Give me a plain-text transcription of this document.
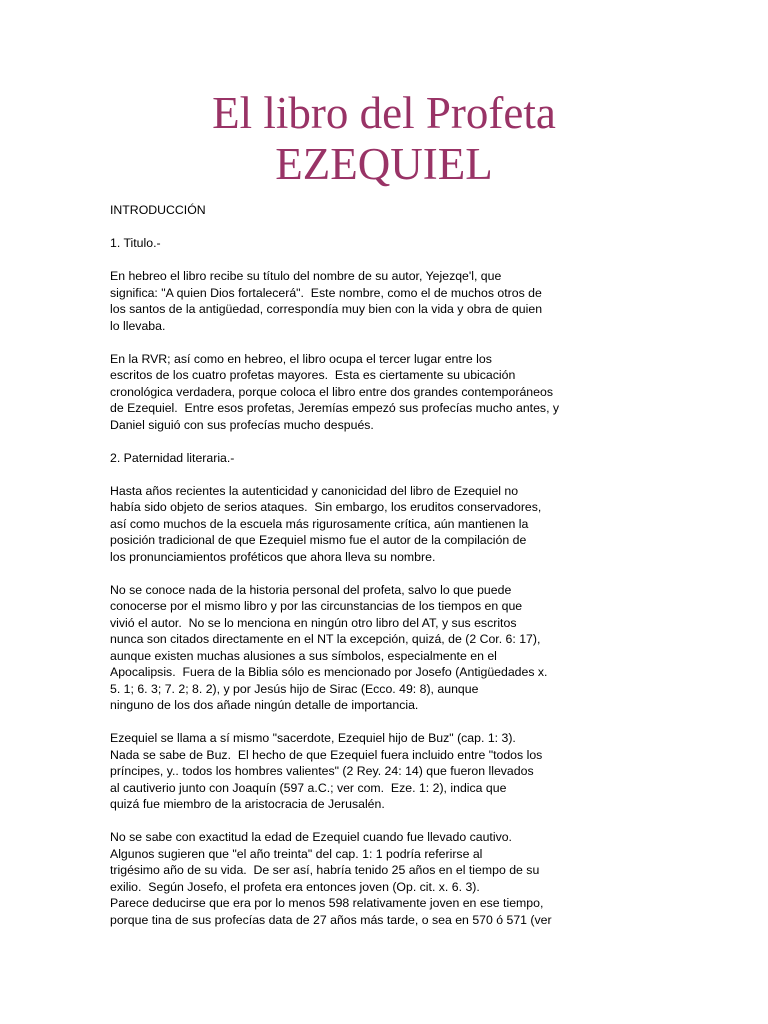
El libro del Profeta
EZEQUIEL

INTRODUCCIÓN

1. Titulo.-

En hebreo el libro recibe su título del nombre de su autor, Yejezqe'l, que
significa: "A quien Dios fortalecerá".  Este nombre, como el de muchos otros de
los santos de la antigüedad, correspondía muy bien con la vida y obra de quien
lo llevaba.

En la RVR; así como en hebreo, el libro ocupa el tercer lugar entre los
escritos de los cuatro profetas mayores.  Esta es ciertamente su ubicación
cronológica verdadera, porque coloca el libro entre dos grandes contemporáneos
de Ezequiel.  Entre esos profetas, Jeremías empezó sus profecías mucho antes, y
Daniel siguió con sus profecías mucho después.

2. Paternidad literaria.-

Hasta años recientes la autenticidad y canonicidad del libro de Ezequiel no
había sido objeto de serios ataques.  Sin embargo, los eruditos conservadores,
así como muchos de la escuela más rigurosamente crítica, aún mantienen la
posición tradicional de que Ezequiel mismo fue el autor de la compilación de
los pronunciamientos proféticos que ahora lleva su nombre.

No se conoce nada de la historia personal del profeta, salvo lo que puede
conocerse por el mismo libro y por las circunstancias de los tiempos en que
vivió el autor.  No se lo menciona en ningún otro libro del AT, y sus escritos
nunca son citados directamente en el NT la excepción, quizá, de (2 Cor. 6: 17),
aunque existen muchas alusiones a sus símbolos, especialmente en el
Apocalipsis.  Fuera de la Biblia sólo es mencionado por Josefo (Antigüedades x.
5. 1; 6. 3; 7. 2; 8. 2), y por Jesús hijo de Sirac (Ecco. 49: 8), aunque
ninguno de los dos añade ningún detalle de importancia.

Ezequiel se llama a sí mismo "sacerdote, Ezequiel hijo de Buz" (cap. 1: 3).
Nada se sabe de Buz.  El hecho de que Ezequiel fuera incluido entre "todos los
príncipes, y.. todos los hombres valientes" (2 Rey. 24: 14) que fueron llevados
al cautiverio junto con Joaquín (597 a.C.; ver com.  Eze. 1: 2), indica que
quizá fue miembro de la aristocracia de Jerusalén.

No se sabe con exactitud la edad de Ezequiel cuando fue llevado cautivo.
Algunos sugieren que "el año treinta" del cap. 1: 1 podría referirse al
trigésimo año de su vida.  De ser así, habría tenido 25 años en el tiempo de su
exilio.  Según Josefo, el profeta era entonces joven (Op. cit. x. 6. 3).
Parece deducirse que era por lo menos 598 relativamente joven en ese tiempo,
porque tina de sus profecías data de 27 años más tarde, o sea en 570 ó 571 (ver
